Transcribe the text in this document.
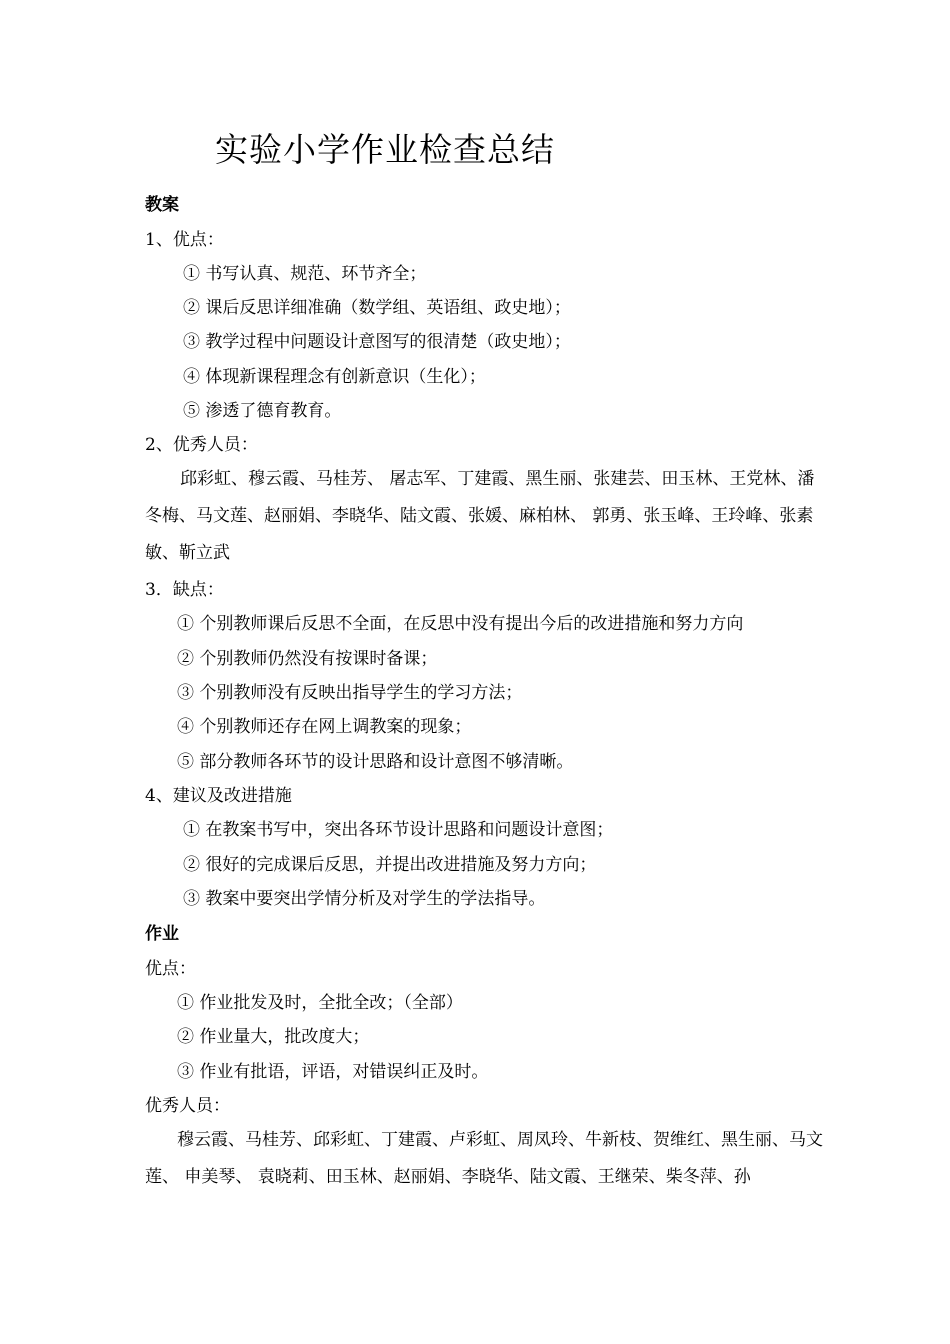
实验小学作业检查总结
教案
1、优点：
① 书写认真、规范、环节齐全；
② 课后反思详细准确（数学组、英语组、政史地）；
③ 教学过程中问题设计意图写的很清楚（政史地）；
④ 体现新课程理念有创新意识（生化）；
⑤ 渗透了德育教育。
2、优秀人员：
邱彩虹、穆云霞、马桂芳、 屠志军、丁建霞、黑生丽、张建芸、田玉林、王党林、潘冬梅、马文莲、赵丽娟、李晓华、陆文霞、张媛、麻柏林、 郭勇、张玉峰、王玲峰、张素敏、靳立武
3．缺点：
① 个别教师课后反思不全面，在反思中没有提出今后的改进措施和努力方向
② 个别教师仍然没有按课时备课；
③ 个别教师没有反映出指导学生的学习方法；
④ 个别教师还存在网上调教案的现象；
⑤ 部分教师各环节的设计思路和设计意图不够清晰。
4、建议及改进措施
① 在教案书写中，突出各环节设计思路和问题设计意图；
② 很好的完成课后反思，并提出改进措施及努力方向；
③ 教案中要突出学情分析及对学生的学法指导。
作业
优点：
① 作业批发及时，全批全改；（全部）
② 作业量大，批改度大；
③ 作业有批语，评语，对错误纠正及时。
优秀人员：
穆云霞、马桂芳、邱彩虹、丁建霞、卢彩虹、周凤玲、牛新枝、贺维红、黑生丽、马文莲、 申美琴、 袁晓莉、田玉林、赵丽娟、李晓华、陆文霞、王继荣、柴冬萍、孙
